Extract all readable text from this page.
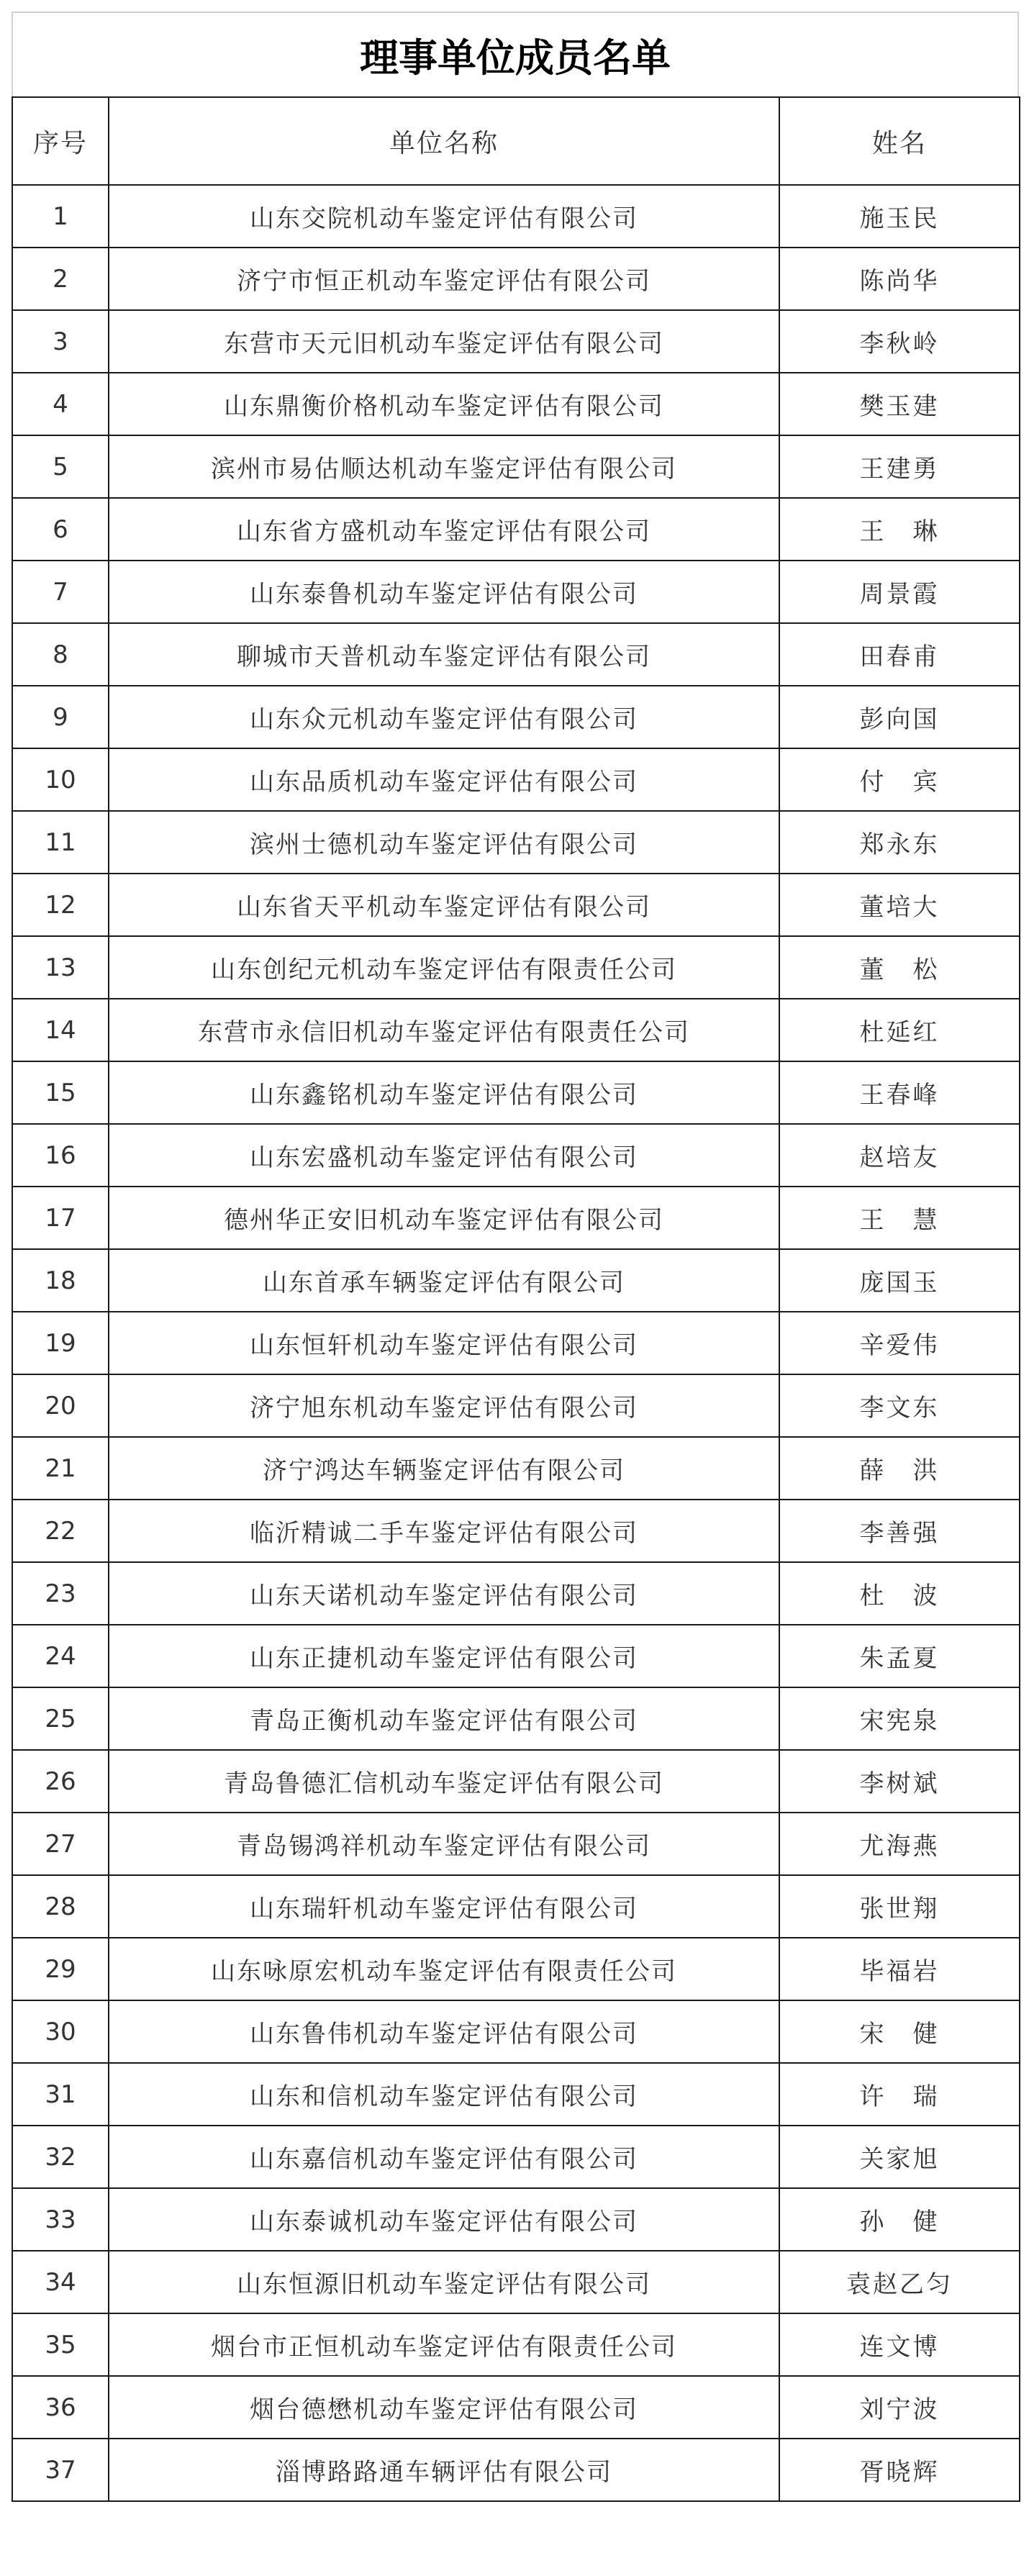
理事单位成员名单
序号	单位名称	姓名
1	山东交院机动车鉴定评估有限公司	施玉民
2	济宁市恒正机动车鉴定评估有限公司	陈尚华
3	东营市天元旧机动车鉴定评估有限公司	李秋岭
4	山东鼎衡价格机动车鉴定评估有限公司	樊玉建
5	滨州市易估顺达机动车鉴定评估有限公司	王建勇
6	山东省方盛机动车鉴定评估有限公司	王　琳
7	山东泰鲁机动车鉴定评估有限公司	周景霞
8	聊城市天普机动车鉴定评估有限公司	田春甫
9	山东众元机动车鉴定评估有限公司	彭向国
10	山东品质机动车鉴定评估有限公司	付　宾
11	滨州士德机动车鉴定评估有限公司	郑永东
12	山东省天平机动车鉴定评估有限公司	董培大
13	山东创纪元机动车鉴定评估有限责任公司	董　松
14	东营市永信旧机动车鉴定评估有限责任公司	杜延红
15	山东鑫铭机动车鉴定评估有限公司	王春峰
16	山东宏盛机动车鉴定评估有限公司	赵培友
17	德州华正安旧机动车鉴定评估有限公司	王　慧
18	山东首承车辆鉴定评估有限公司	庞国玉
19	山东恒轩机动车鉴定评估有限公司	辛爱伟
20	济宁旭东机动车鉴定评估有限公司	李文东
21	济宁鸿达车辆鉴定评估有限公司	薛　洪
22	临沂精诚二手车鉴定评估有限公司	李善强
23	山东天诺机动车鉴定评估有限公司	杜　波
24	山东正捷机动车鉴定评估有限公司	朱孟夏
25	青岛正衡机动车鉴定评估有限公司	宋宪泉
26	青岛鲁德汇信机动车鉴定评估有限公司	李树斌
27	青岛锡鸿祥机动车鉴定评估有限公司	尤海燕
28	山东瑞轩机动车鉴定评估有限公司	张世翔
29	山东咏原宏机动车鉴定评估有限责任公司	毕福岩
30	山东鲁伟机动车鉴定评估有限公司	宋　健
31	山东和信机动车鉴定评估有限公司	许　瑞
32	山东嘉信机动车鉴定评估有限公司	关家旭
33	山东泰诚机动车鉴定评估有限公司	孙　健
34	山东恒源旧机动车鉴定评估有限公司	袁赵乙匀
35	烟台市正恒机动车鉴定评估有限责任公司	连文博
36	烟台德懋机动车鉴定评估有限公司	刘宁波
37	淄博路路通车辆评估有限公司	胥晓辉
